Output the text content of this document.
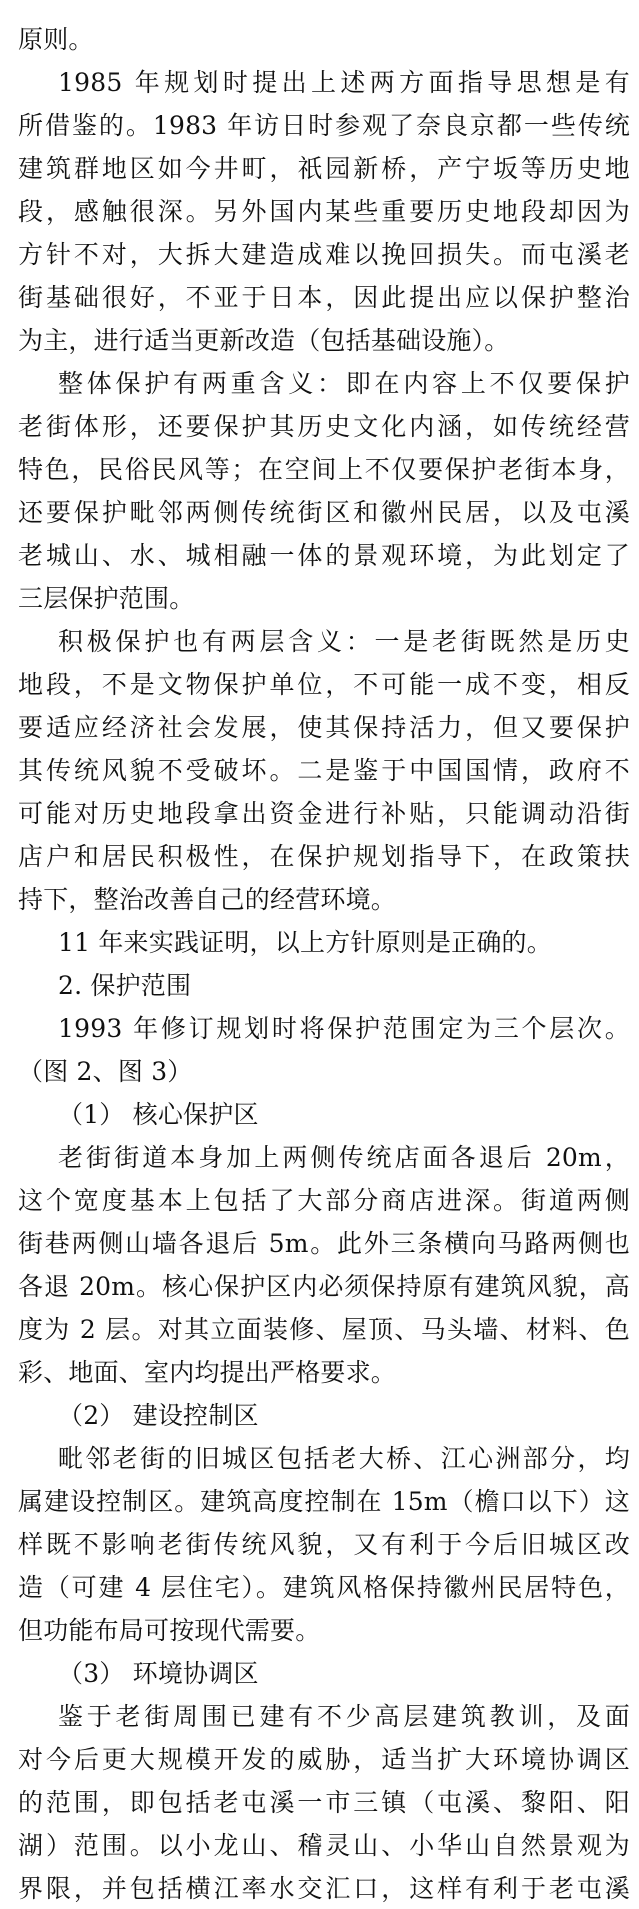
原则。
1985 年规划时提出上述两方面指导思想是有
所借鉴的。1983 年访日时参观了奈良京都一些传统
建筑群地区如今井町，祇园新桥，产宁坂等历史地
段，感触很深。另外国内某些重要历史地段却因为
方针不对，大拆大建造成难以挽回损失。而屯溪老
街基础很好，不亚于日本，因此提出应以保护整治
为主，进行适当更新改造（包括基础设施）。
整体保护有两重含义：即在内容上不仅要保护
老街体形，还要保护其历史文化内涵，如传统经营
特色，民俗民风等；在空间上不仅要保护老街本身，
还要保护毗邻两侧传统街区和徽州民居，以及屯溪
老城山、水、城相融一体的景观环境，为此划定了
三层保护范围。
积极保护也有两层含义：一是老街既然是历史
地段，不是文物保护单位，不可能一成不变，相反
要适应经济社会发展，使其保持活力，但又要保护
其传统风貌不受破坏。二是鉴于中国国情，政府不
可能对历史地段拿出资金进行补贴，只能调动沿街
店户和居民积极性，在保护规划指导下，在政策扶
持下，整治改善自己的经营环境。
11 年来实践证明，以上方针原则是正确的。
2. 保护范围
1993 年修订规划时将保护范围定为三个层次。
（图 2、图 3）
（1） 核心保护区
老街街道本身加上两侧传统店面各退后 20m，
这个宽度基本上包括了大部分商店进深。街道两侧
街巷两侧山墙各退后 5m。此外三条横向马路两侧也
各退 20m。核心保护区内必须保持原有建筑风貌，高
度为 2 层。对其立面装修、屋顶、马头墙、材料、色
彩、地面、室内均提出严格要求。
（2） 建设控制区
毗邻老街的旧城区包括老大桥、江心洲部分，均
属建设控制区。建筑高度控制在 15m（檐口以下）这
样既不影响老街传统风貌，又有利于今后旧城区改
造（可建 4 层住宅）。建筑风格保持徽州民居特色，
但功能布局可按现代需要。
（3） 环境协调区
鉴于老街周围已建有不少高层建筑教训，及面
对今后更大规模开发的威胁，适当扩大环境协调区
的范围，即包括老屯溪一市三镇（屯溪、黎阳、阳
湖）范围。以小龙山、稽灵山、小华山自然景观为
界限，并包括横江率水交汇口，这样有利于老屯溪
